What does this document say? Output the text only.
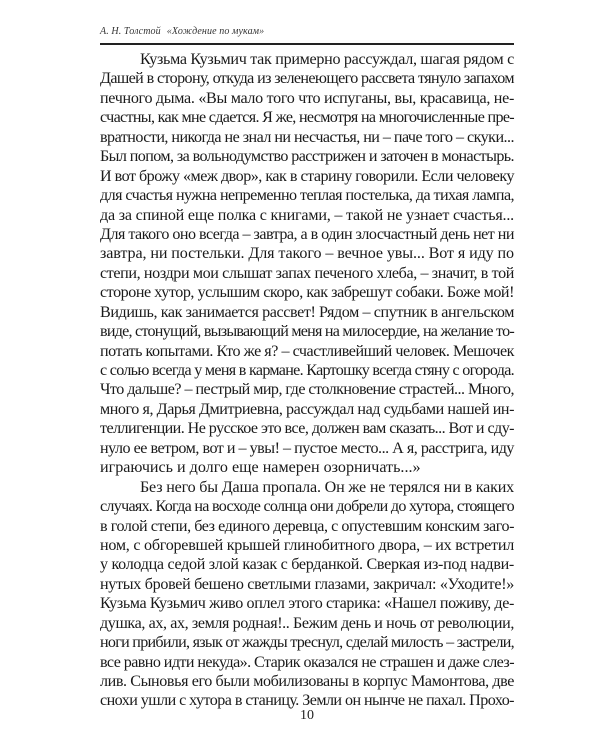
А. Н. Толстой «Хождение по мукам»
Кузьма Кузьмич так примерно рассуждал, шагая рядом с
Дашей в сторону, откуда из зеленеющего рассвета тянуло запахом
печного дыма. «Вы мало того что испуганы, вы, красавица, не-
счастны, как мне сдается. Я же, несмотря на многочисленные пре-
вратности, никогда не знал ни несчастья, ни – паче того – скуки...
Был попом, за вольнодумство расстрижен и заточен в монастырь.
И вот брожу «меж двор», как в старину говорили. Если человеку
для счастья нужна непременно теплая постелька, да тихая лампа,
да за спиной еще полка с книгами, – такой не узнает счастья...
Для такого оно всегда – завтра, а в один злосчастный день нет ни
завтра, ни постельки. Для такого – вечное увы... Вот я иду по
степи, ноздри мои слышат запах печеного хлеба, – значит, в той
стороне хутор, услышим скоро, как забрешут собаки. Боже мой!
Видишь, как занимается рассвет! Рядом – спутник в ангельском
виде, стонущий, вызывающий меня на милосердие, на желание то-
потать копытами. Кто же я? – счастливейший человек. Мешочек
с солью всегда у меня в кармане. Картошку всегда стяну с огорода.
Что дальше? – пестрый мир, где столкновение страстей... Много,
много я, Дарья Дмитриевна, рассуждал над судьбами нашей ин-
теллигенции. Не русское это все, должен вам сказать... Вот и сду-
нуло ее ветром, вот и – увы! – пустое место... А я, расстрига, иду
играючись и долго еще намерен озорничать...»
Без него бы Даша пропала. Он же не терялся ни в каких
случаях. Когда на восходе солнца они добрели до хутора, стоящего
в голой степи, без единого деревца, с опустевшим конским заго-
ном, с обгоревшей крышей глинобитного двора, – их встретил
у колодца седой злой казак с берданкой. Сверкая из-под надви-
нутых бровей бешено светлыми глазами, закричал: «Уходите!»
Кузьма Кузьмич живо оплел этого старика: «Нашел поживу, де-
душка, ах, ах, земля родная!.. Бежим день и ночь от революции,
ноги прибили, язык от жажды треснул, сделай милость – застрели,
все равно идти некуда». Старик оказался не страшен и даже слез-
лив. Сыновья его были мобилизованы в корпус Мамонтова, две
снохи ушли с хутора в станицу. Земли он нынче не пахал. Прохо-
10
